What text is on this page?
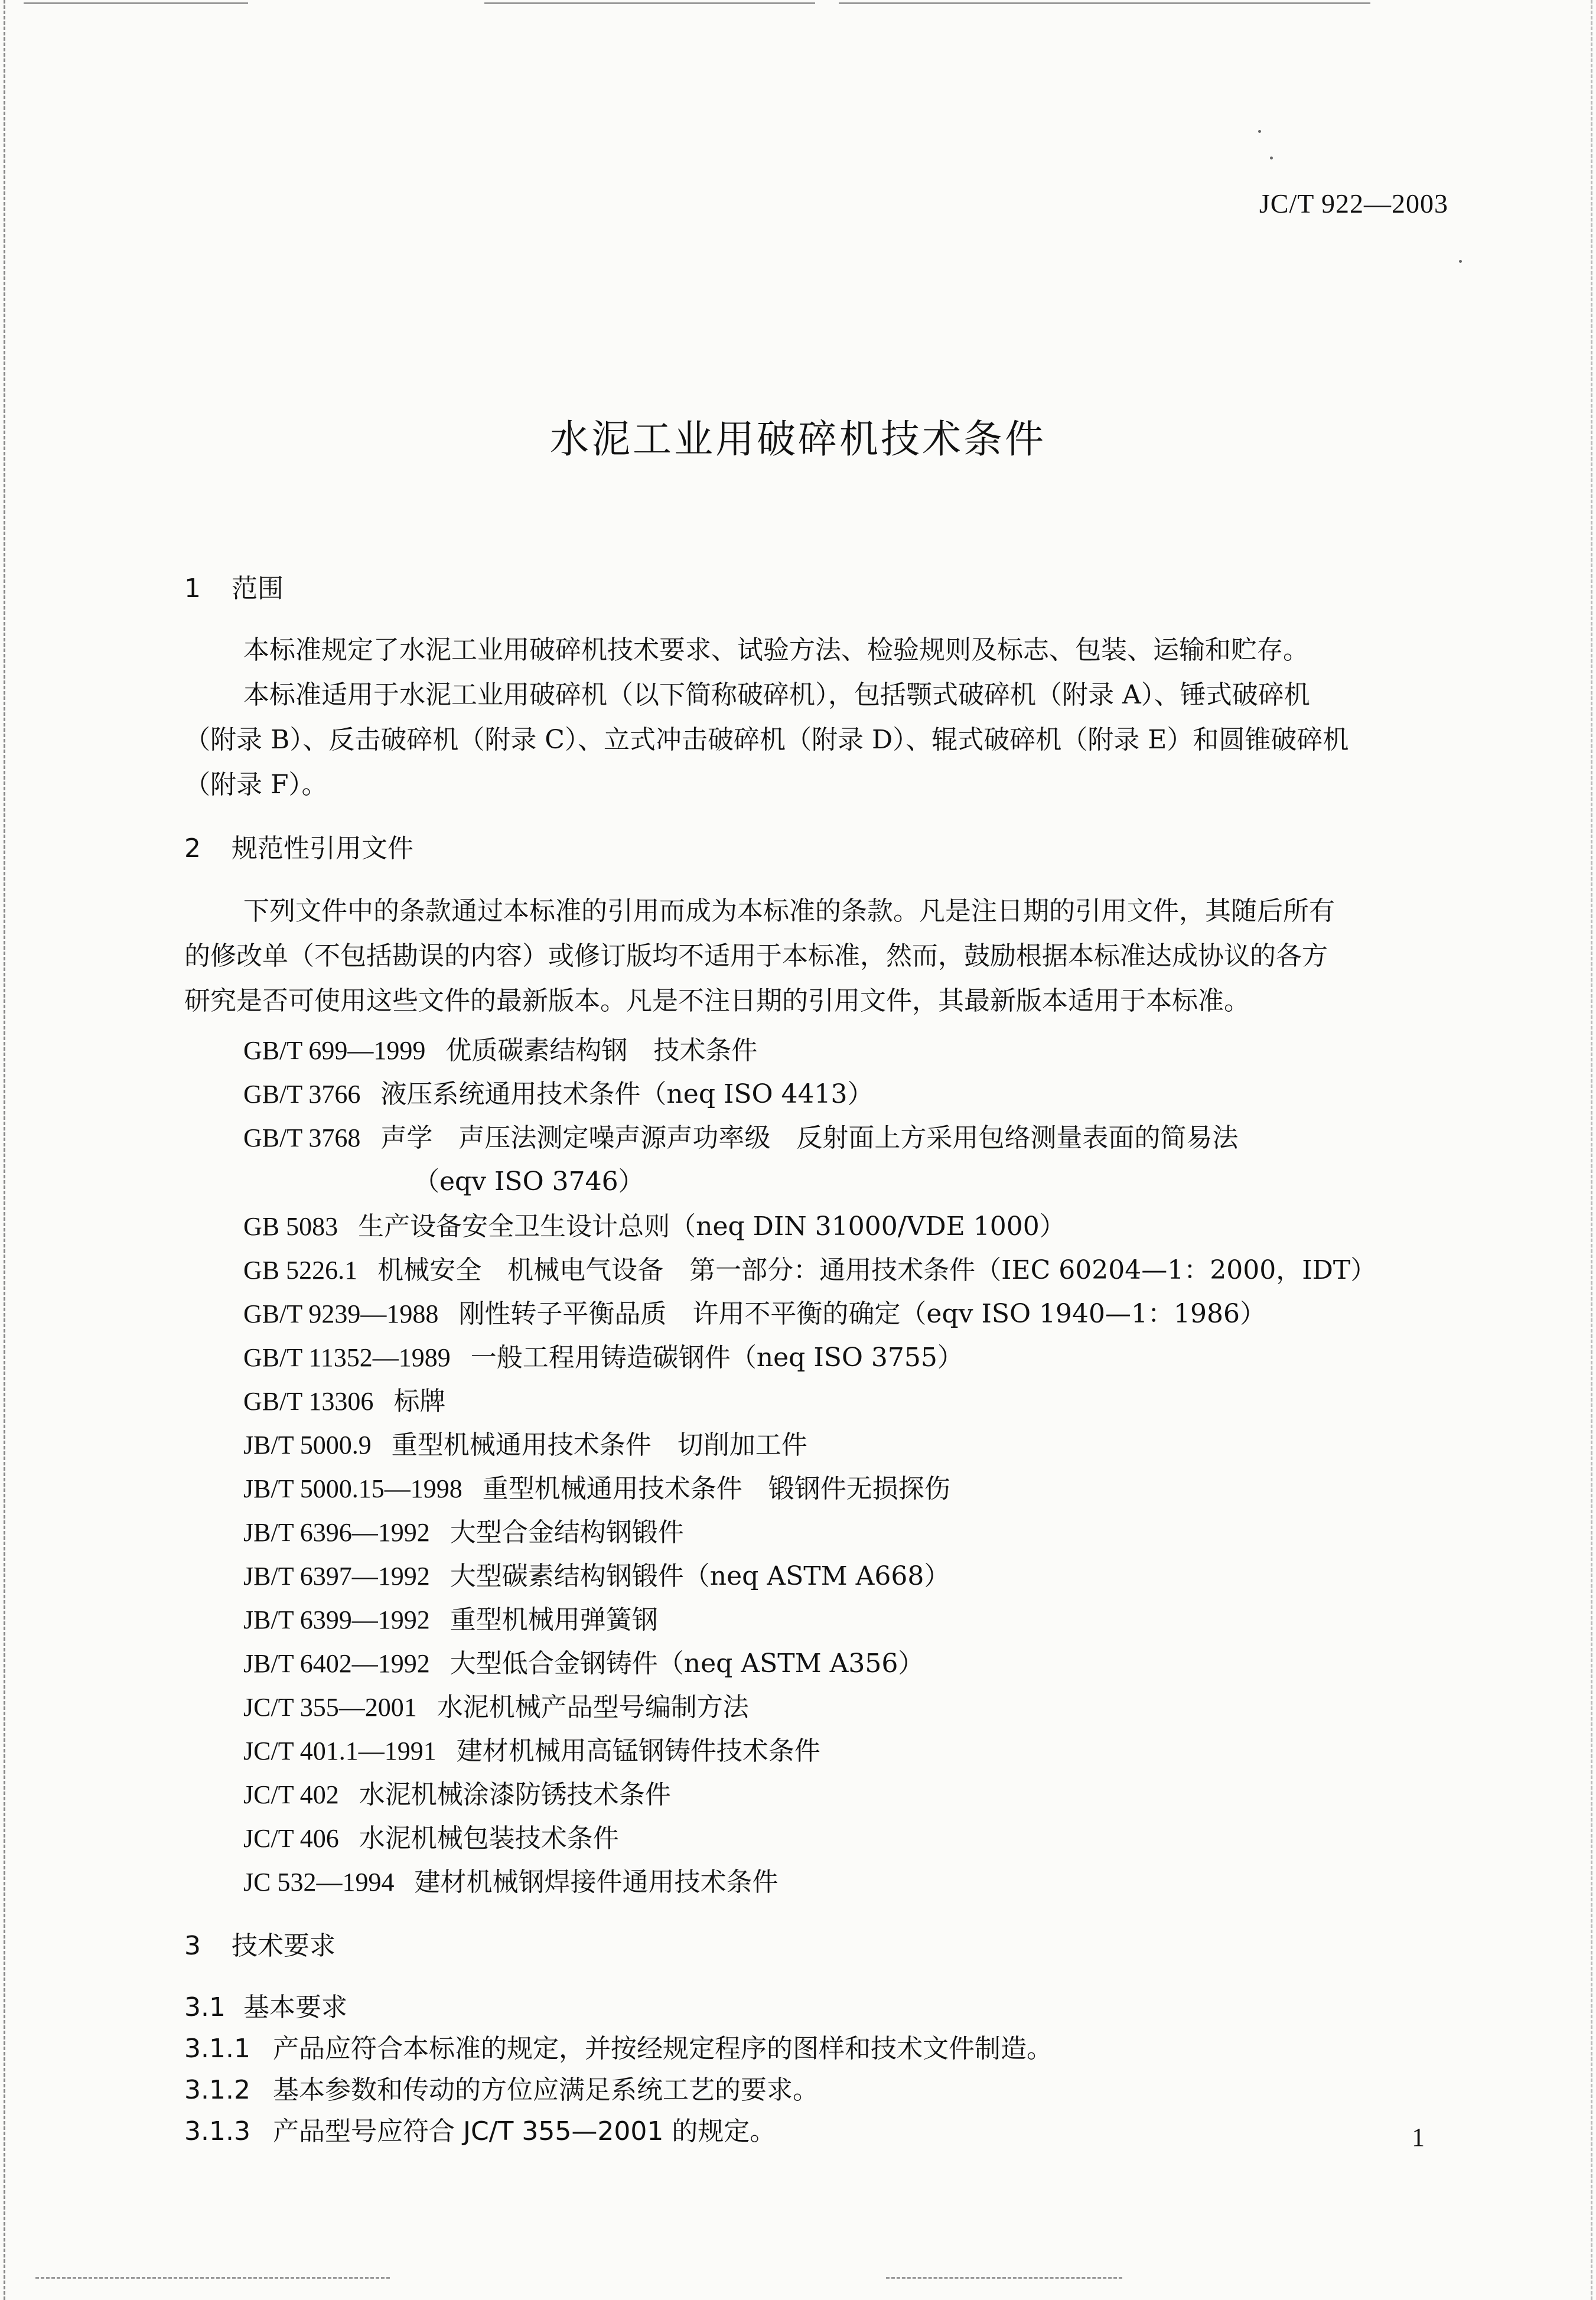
JC/T 922—2003
水泥工业用破碎机技术条件
1 范围
本标准规定了水泥工业用破碎机技术要求、试验方法、检验规则及标志、包装、运输和贮存。
本标准适用于水泥工业用破碎机（以下简称破碎机），包括颚式破碎机（附录 A）、锤式破碎机
（附录 B）、反击破碎机（附录 C）、立式冲击破碎机（附录 D）、辊式破碎机（附录 E）和圆锥破碎机
（附录 F）。
2 规范性引用文件
下列文件中的条款通过本标准的引用而成为本标准的条款。凡是注日期的引用文件，其随后所有
的修改单（不包括勘误的内容）或修订版均不适用于本标准，然而，鼓励根据本标准达成协议的各方
研究是否可使用这些文件的最新版本。凡是不注日期的引用文件，其最新版本适用于本标准。
GB/T 699—1999 优质碳素结构钢　技术条件
GB/T 3766 液压系统通用技术条件（neq ISO 4413）
GB/T 3768 声学　声压法测定噪声源声功率级　反射面上方采用包络测量表面的简易法
（eqv ISO 3746）
GB 5083 生产设备安全卫生设计总则（neq DIN 31000/VDE 1000）
GB 5226.1 机械安全　机械电气设备　第一部分：通用技术条件（IEC 60204—1：2000，IDT）
GB/T 9239—1988 刚性转子平衡品质　许用不平衡的确定（eqv ISO 1940—1：1986）
GB/T 11352—1989 一般工程用铸造碳钢件（neq ISO 3755）
GB/T 13306 标牌
JB/T 5000.9 重型机械通用技术条件　切削加工件
JB/T 5000.15—1998 重型机械通用技术条件　锻钢件无损探伤
JB/T 6396—1992 大型合金结构钢锻件
JB/T 6397—1992 大型碳素结构钢锻件（neq ASTM A668）
JB/T 6399—1992 重型机械用弹簧钢
JB/T 6402—1992 大型低合金钢铸件（neq ASTM A356）
JC/T 355—2001 水泥机械产品型号编制方法
JC/T 401.1—1991 建材机械用高锰钢铸件技术条件
JC/T 402 水泥机械涂漆防锈技术条件
JC/T 406 水泥机械包装技术条件
JC 532—1994 建材机械钢焊接件通用技术条件
3 技术要求
3.1 基本要求
3.1.1 产品应符合本标准的规定，并按经规定程序的图样和技术文件制造。
3.1.2 基本参数和传动的方位应满足系统工艺的要求。
3.1.3 产品型号应符合 JC/T 355—2001 的规定。	1
